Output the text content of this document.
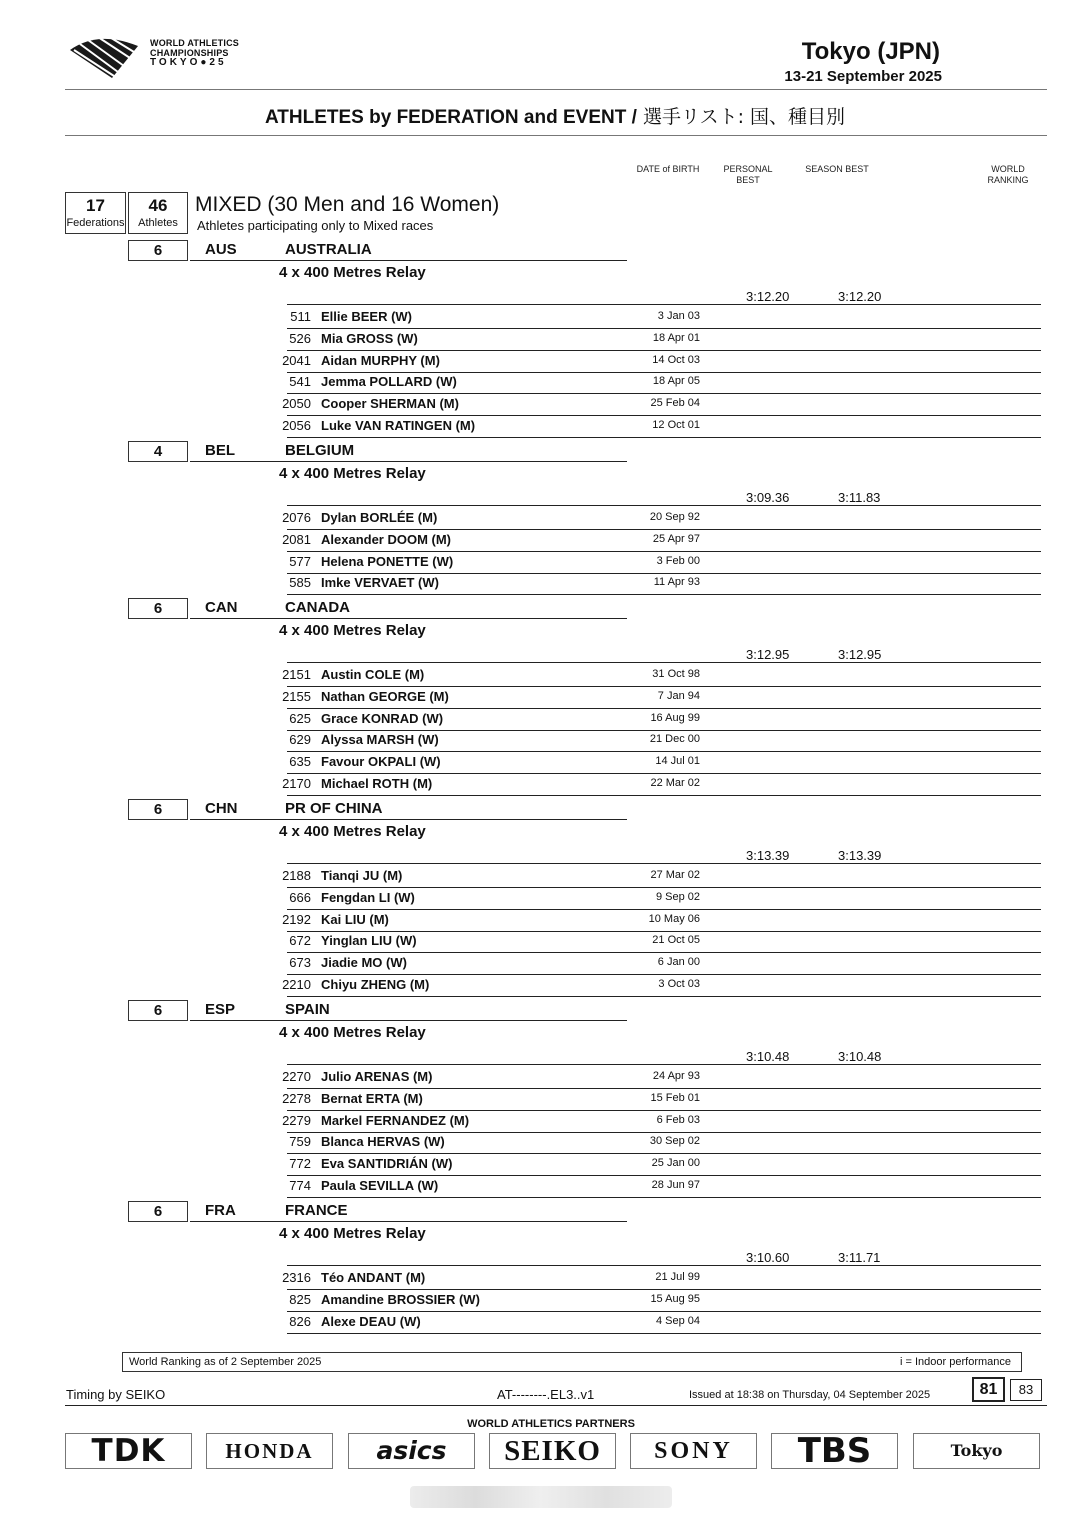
WORLD ATHLETICS
CHAMPIONSHIPS
TOKYO●25	Tokyo (JPN)
13-21 September 2025
ATHLETES by FEDERATION and EVENT / 選手リスト: 国、種目別
DATE of BIRTH	PERSONAL BEST
SEASON BEST	WORLD RANKING
17
Federations
46
Athletes
MIXED (30 Men and 16 Women)
Athletes participating only to Mixed races
6	AUS	AUSTRALIA
4 x 400 Metres Relay
3:12.20	3:12.20
511 Ellie BEER (W)	3 Jan 03
526 Mia GROSS (W)	18 Apr 01
2041 Aidan MURPHY (M)	14 Oct 03
541 Jemma POLLARD (W)	18 Apr 05
2050 Cooper SHERMAN (M)	25 Feb 04
2056 Luke VAN RATINGEN (M)	12 Oct 01
4	BEL	BELGIUM
4 x 400 Metres Relay
3:09.36	3:11.83
2076 Dylan BORLÉE (M)	20 Sep 92
2081 Alexander DOOM (M)	25 Apr 97
577 Helena PONETTE (W)	3 Feb 00
585 Imke VERVAET (W)	11 Apr 93
6	CAN	CANADA
4 x 400 Metres Relay
3:12.95	3:12.95
2151 Austin COLE (M)	31 Oct 98
2155 Nathan GEORGE (M)	7 Jan 94
625 Grace KONRAD (W)	16 Aug 99
629 Alyssa MARSH (W)	21 Dec 00
635 Favour OKPALI (W)	14 Jul 01
2170 Michael ROTH (M)	22 Mar 02
6	CHN	PR OF CHINA
4 x 400 Metres Relay
3:13.39	3:13.39
2188 Tianqi JU (M)	27 Mar 02
666 Fengdan LI (W)	9 Sep 02
2192 Kai LIU (M)	10 May 06
672 Yinglan LIU (W)	21 Oct 05
673 Jiadie MO (W)	6 Jan 00
2210 Chiyu ZHENG (M)	3 Oct 03
6	ESP	SPAIN
4 x 400 Metres Relay
3:10.48	3:10.48
2270 Julio ARENAS (M)	24 Apr 93
2278 Bernat ERTA (M)	15 Feb 01
2279 Markel FERNANDEZ (M)	6 Feb 03
759 Blanca HERVAS (W)	30 Sep 02
772 Eva SANTIDRIÁN (W)	25 Jan 00
774 Paula SEVILLA (W)	28 Jun 97
6	FRA	FRANCE
4 x 400 Metres Relay
3:10.60	3:11.71
2316 Téo ANDANT (M)	21 Jul 99
825 Amandine BROSSIER (W)	15 Aug 95
826 Alexe DEAU (W)	4 Sep 04
World Ranking as of 2 September 2025	i = Indoor performance
Timing by SEIKO	AT--------.EL3..v1	Issued at 18:38 on Thursday, 04 September 2025	81	83
WORLD ATHLETICS PARTNERS
TDK	HONDA	asics	SEIKO	SONY	TBS	Tokyo
